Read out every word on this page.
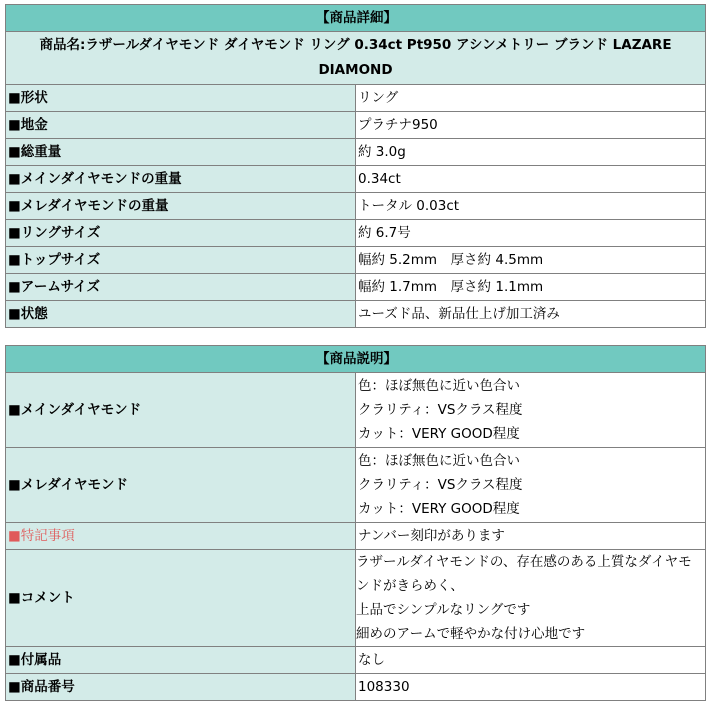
【商品詳細】	
商品名:ラザールダイヤモンド ダイヤモンド リング 0.34ct Pt950 アシンメトリー ブランド LAZARE DIAMOND	
■形状	リング
■地金	プラチナ950
■総重量	約 3.0g
■メインダイヤモンドの重量	0.34ct
■メレダイヤモンドの重量	トータル 0.03ct
■リングサイズ	約 6.7号
■トップサイズ	幅約 5.2mm　厚さ約 4.5mm
■アームサイズ	幅約 1.7mm　厚さ約 1.1mm
■状態	ユーズド品、新品仕上げ加工済み
【商品説明】	
■メインダイヤモンド	色：ほぼ無色に近い色合い
クラリティ：VSクラス程度
カット：VERY GOOD程度

■メレダイヤモンド	色：ほぼ無色に近い色合い
クラリティ：VSクラス程度
カット：VERY GOOD程度

■特記事項	ナンバー刻印があります
■コメント	ラザールダイヤモンドの、存在感のある上質なダイヤモンドがきらめく、
上品でシンプルなリングです
細めのアームで軽やかな付け心地です

■付属品	なし
■商品番号	108330
